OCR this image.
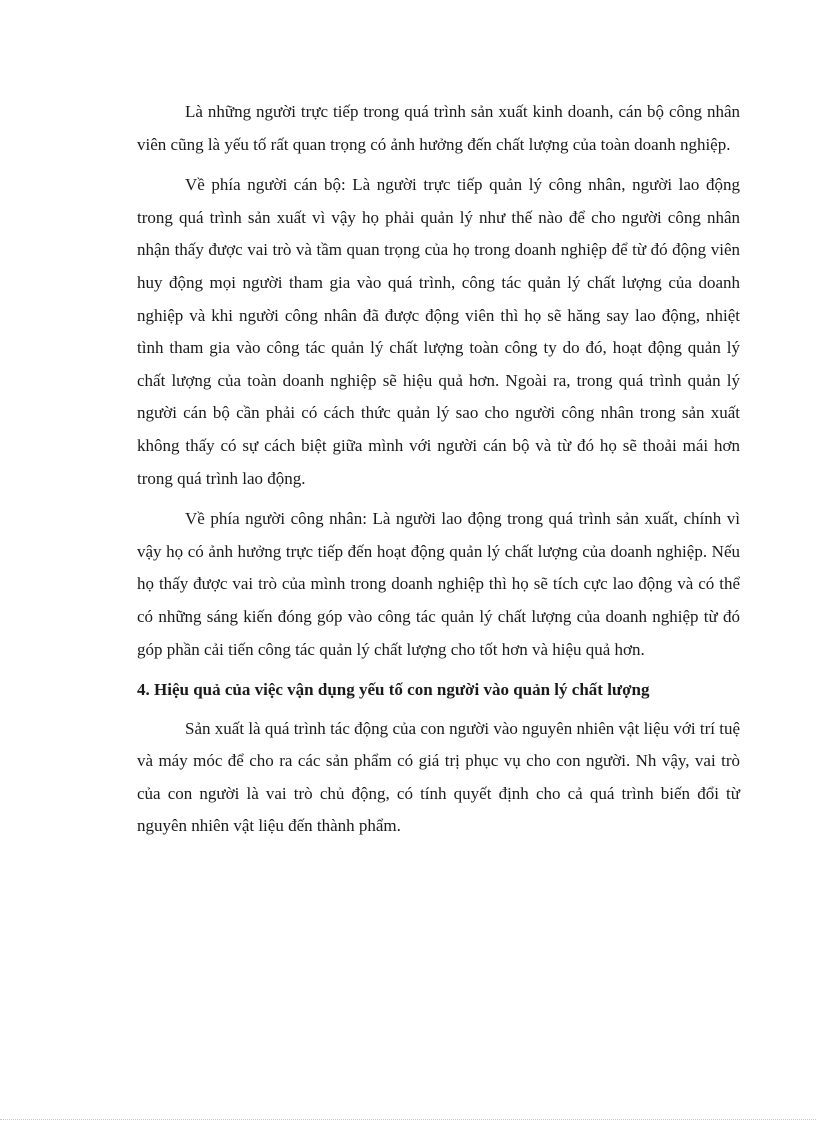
Là những người trực tiếp trong quá trình sản xuất kinh doanh, cán bộ công nhân viên cũng là yếu tố rất quan trọng có ảnh hưởng đến chất lượng của toàn doanh nghiệp.

Về phía người cán bộ: Là người trực tiếp quản lý công nhân, người lao động trong quá trình sản xuất vì vậy họ phải quản lý như thế nào để cho người công nhân nhận thấy được vai trò và tầm quan trọng của họ trong doanh nghiệp để từ đó động viên huy động mọi người tham gia vào quá trình, công tác quản lý chất lượng của doanh nghiệp và khi người công nhân đã được động viên thì họ sẽ hăng say lao động, nhiệt tình tham gia vào công tác quản lý chất lượng toàn công ty do đó, hoạt động quản lý chất lượng của toàn doanh nghiệp sẽ hiệu quả hơn. Ngoài ra, trong quá trình quản lý người cán bộ cần phải có cách thức quản lý sao cho người công nhân trong sản xuất không thấy có sự cách biệt giữa mình với người cán bộ và từ đó họ sẽ thoải mái hơn trong quá trình lao động.

Về phía người công nhân: Là người lao động trong quá trình sản xuất, chính vì vậy họ có ảnh hưởng trực tiếp đến hoạt động quản lý chất lượng của doanh nghiệp. Nếu họ thấy được vai trò của mình trong doanh nghiệp thì họ sẽ tích cực lao động và có thể có những sáng kiến đóng góp vào công tác quản lý chất lượng của doanh nghiệp từ đó góp phần cải tiến công tác quản lý chất lượng cho tốt hơn và hiệu quả hơn.

4. Hiệu quả của việc vận dụng yếu tố con người vào quản lý chất lượng

Sản xuất là quá trình tác động của con người vào nguyên nhiên vật liệu với trí tuệ và máy móc để cho ra các sản phẩm có giá trị phục vụ cho con người. Nh vậy, vai trò của con người là vai trò chủ động, có tính quyết định cho cả quá trình biến đổi từ nguyên nhiên vật liệu đến thành phẩm.
